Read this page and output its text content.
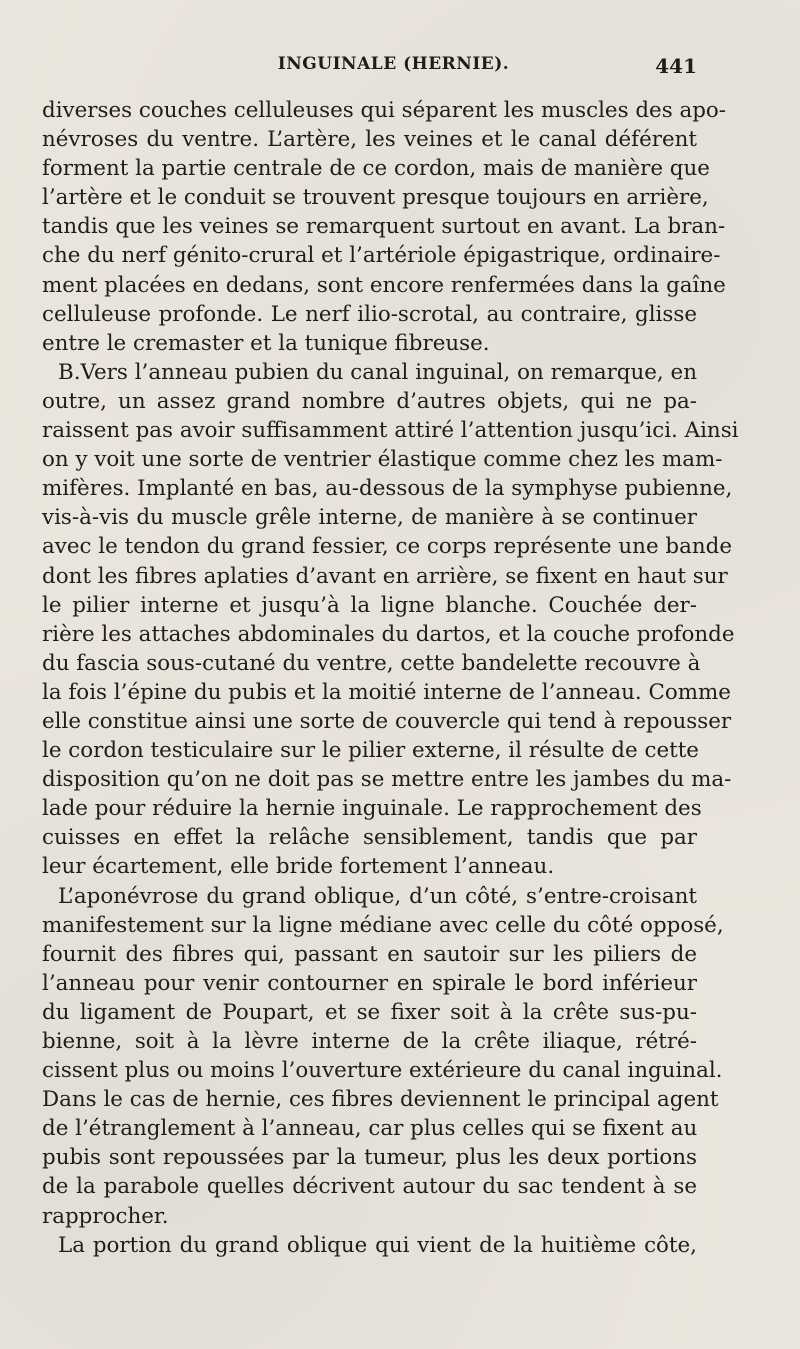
INGUINALE (HERNIE).	441
diverses couches celluleuses qui séparent les muscles des apo-
névroses du ventre. L’artère, les veines et le canal déférent
forment la partie centrale de ce cordon, mais de manière que
l’artère et le conduit se trouvent presque toujours en arrière,
tandis que les veines se remarquent surtout en avant. La bran-
che du nerf génito-crural et l’artériole épigastrique, ordinaire-
ment placées en dedans, sont encore renfermées dans la gaîne
celluleuse profonde. Le nerf ilio-scrotal, au contraire, glisse
entre le cremaster et la tunique fibreuse.
B.Vers l’anneau pubien du canal inguinal, on remarque, en
outre, un assez grand nombre d’autres objets, qui ne pa-
raissent pas avoir suffisamment attiré l’attention jusqu’ici. Ainsi
on y voit une sorte de ventrier élastique comme chez les mam-
mifères. Implanté en bas, au-dessous de la symphyse pubienne,
vis-à-vis du muscle grêle interne, de manière à se continuer
avec le tendon du grand fessier, ce corps représente une bande
dont les fibres aplaties d’avant en arrière, se fixent en haut sur
le pilier interne et jusqu’à la ligne blanche. Couchée der-
rière les attaches abdominales du dartos, et la couche profonde
du fascia sous-cutané du ventre, cette bandelette recouvre à
la fois l’épine du pubis et la moitié interne de l’anneau. Comme
elle constitue ainsi une sorte de couvercle qui tend à repousser
le cordon testiculaire sur le pilier externe, il résulte de cette
disposition qu’on ne doit pas se mettre entre les jambes du ma-
lade pour réduire la hernie inguinale. Le rapprochement des
cuisses en effet la relâche sensiblement, tandis que par
leur écartement, elle bride fortement l’anneau.
L’aponévrose du grand oblique, d’un côté, s’entre-croisant
manifestement sur la ligne médiane avec celle du côté opposé,
fournit des fibres qui, passant en sautoir sur les piliers de
l’anneau pour venir contourner en spirale le bord inférieur
du ligament de Poupart, et se fixer soit à la crête sus-pu-
bienne, soit à la lèvre interne de la crête iliaque, rétré-
cissent plus ou moins l’ouverture extérieure du canal inguinal.
Dans le cas de hernie, ces fibres deviennent le principal agent
de l’étranglement à l’anneau, car plus celles qui se fixent au
pubis sont repoussées par la tumeur, plus les deux portions
de la parabole quelles décrivent autour du sac tendent à se
rapprocher.
La portion du grand oblique qui vient de la huitième côte,
